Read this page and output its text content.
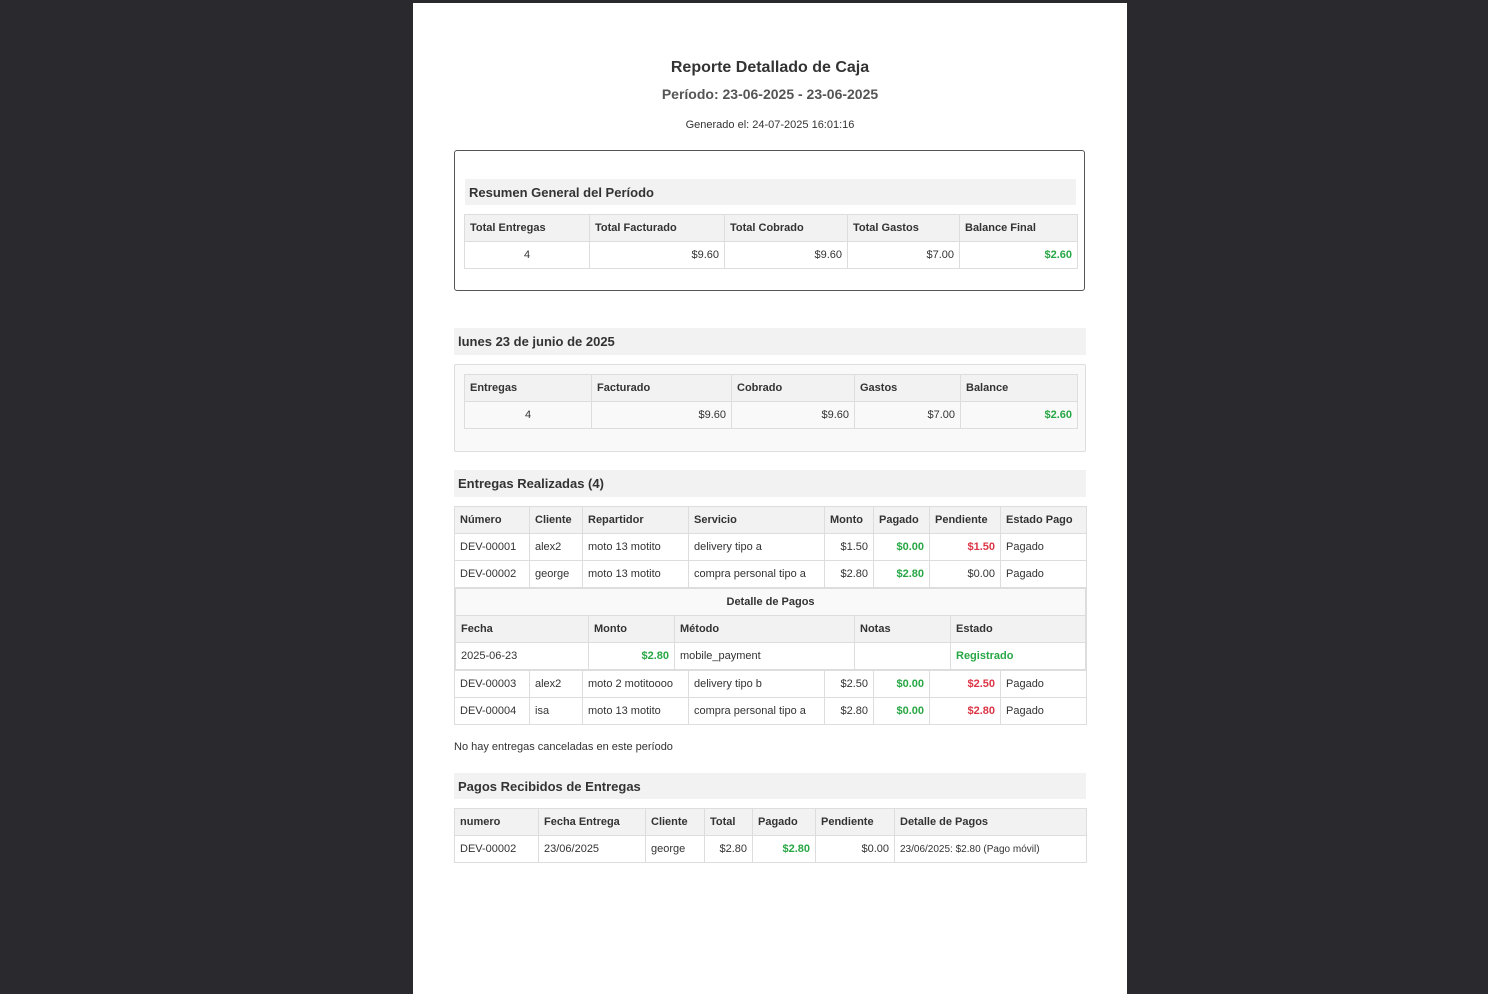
Reporte Detallado de Caja
Período: 23-06-2025 - 23-06-2025
Generado el: 24-07-2025 16:01:16
Resumen General del Período
Total Entregas	Total Facturado	Total Cobrado	Total Gastos	Balance Final
4	$9.60	$9.60	$7.00	$2.60
lunes 23 de junio de 2025
Entregas	Facturado	Cobrado	Gastos	Balance
4	$9.60	$9.60	$7.00	$2.60
Entregas Realizadas (4)
Número	Cliente	Repartidor	Servicio	Monto	Pagado	Pendiente	Estado Pago
DEV-00001	alex2	moto 13 motito	delivery tipo a	$1.50	$0.00	$1.50	Pagado
DEV-00002	george	moto 13 motito	compra personal tipo a	$2.80	$2.80	$0.00	Pagado

Detalle de Pagos
Fecha	Monto	Método	Notas	Estado
2025-06-23	$2.80	mobile_payment		Registrado

DEV-00003	alex2	moto 2 motitoooo	delivery tipo b	$2.50	$0.00	$2.50	Pagado
DEV-00004	isa	moto 13 motito	compra personal tipo a	$2.80	$0.00	$2.80	Pagado
No hay entregas canceladas en este período
Pagos Recibidos de Entregas
numero	Fecha Entrega	Cliente	Total	Pagado	Pendiente	Detalle de Pagos
DEV-00002	23/06/2025	george	$2.80	$2.80	$0.00	23/06/2025: $2.80 (Pago móvil)
